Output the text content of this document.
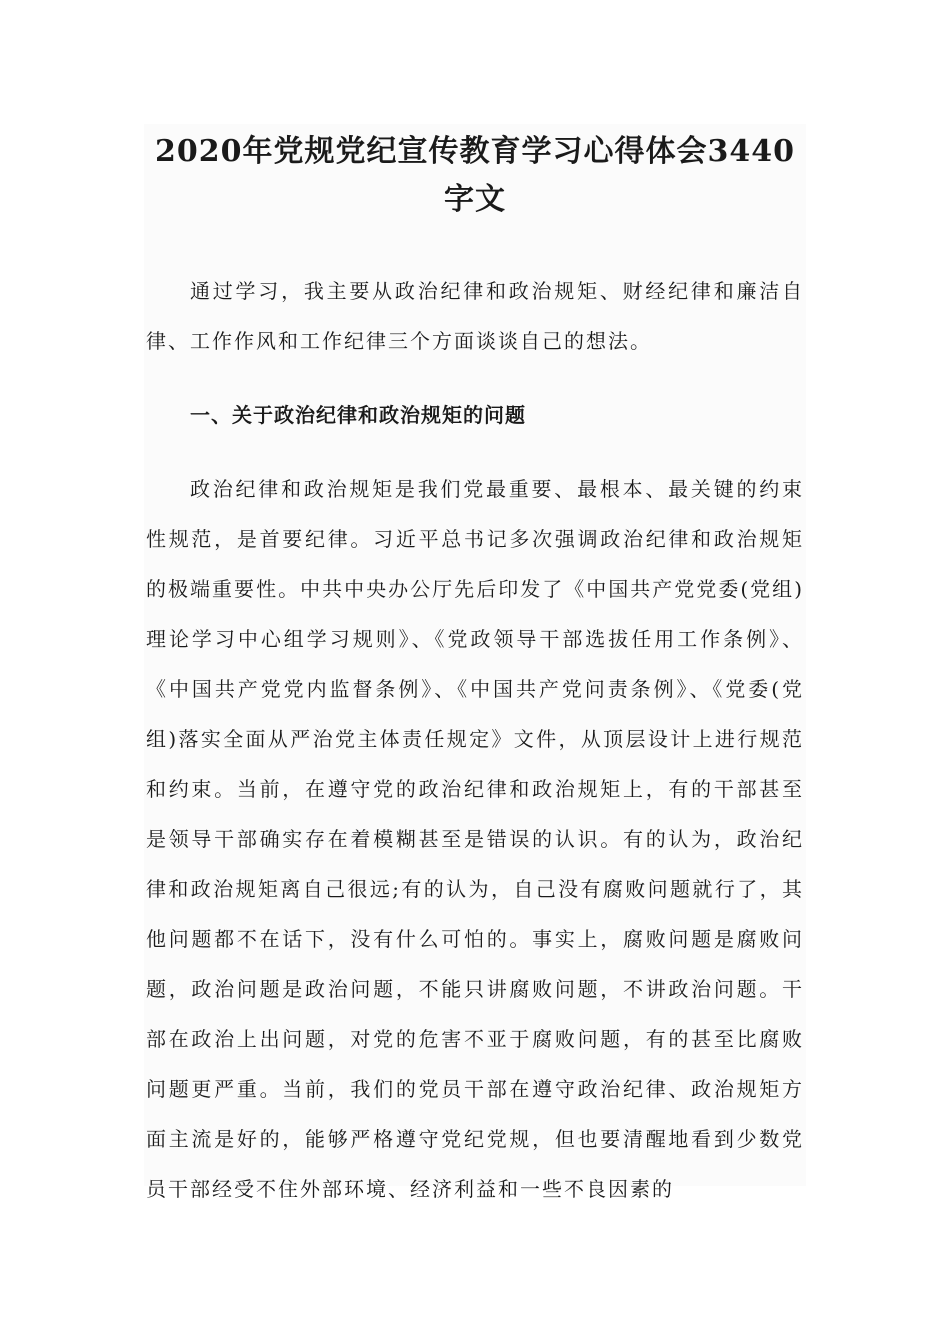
2020年党规党纪宣传教育学习心得体会3440字文

通过学习，我主要从政治纪律和政治规矩、财经纪律和廉洁自律、工作作风和工作纪律三个方面谈谈自己的想法。

一、关于政治纪律和政治规矩的问题

政治纪律和政治规矩是我们党最重要、最根本、最关键的约束性规范，是首要纪律。习近平总书记多次强调政治纪律和政治规矩的极端重要性。中共中央办公厅先后印发了《中国共产党党委(党组)理论学习中心组学习规则》、《党政领导干部选拔任用工作条例》、《中国共产党党内监督条例》、《中国共产党问责条例》、《党委(党组)落实全面从严治党主体责任规定》文件，从顶层设计上进行规范和约束。当前，在遵守党的政治纪律和政治规矩上，有的干部甚至是领导干部确实存在着模糊甚至是错误的认识。有的认为，政治纪律和政治规矩离自己很远;有的认为，自己没有腐败问题就行了，其他问题都不在话下，没有什么可怕的。事实上，腐败问题是腐败问题，政治问题是政治问题，不能只讲腐败问题，不讲政治问题。干部在政治上出问题，对党的危害不亚于腐败问题，有的甚至比腐败问题更严重。当前，我们的党员干部在遵守政治纪律、政治规矩方面主流是好的，能够严格遵守党纪党规，但也要清醒地看到少数党员干部经受不住外部环境、经济利益和一些不良因素的
